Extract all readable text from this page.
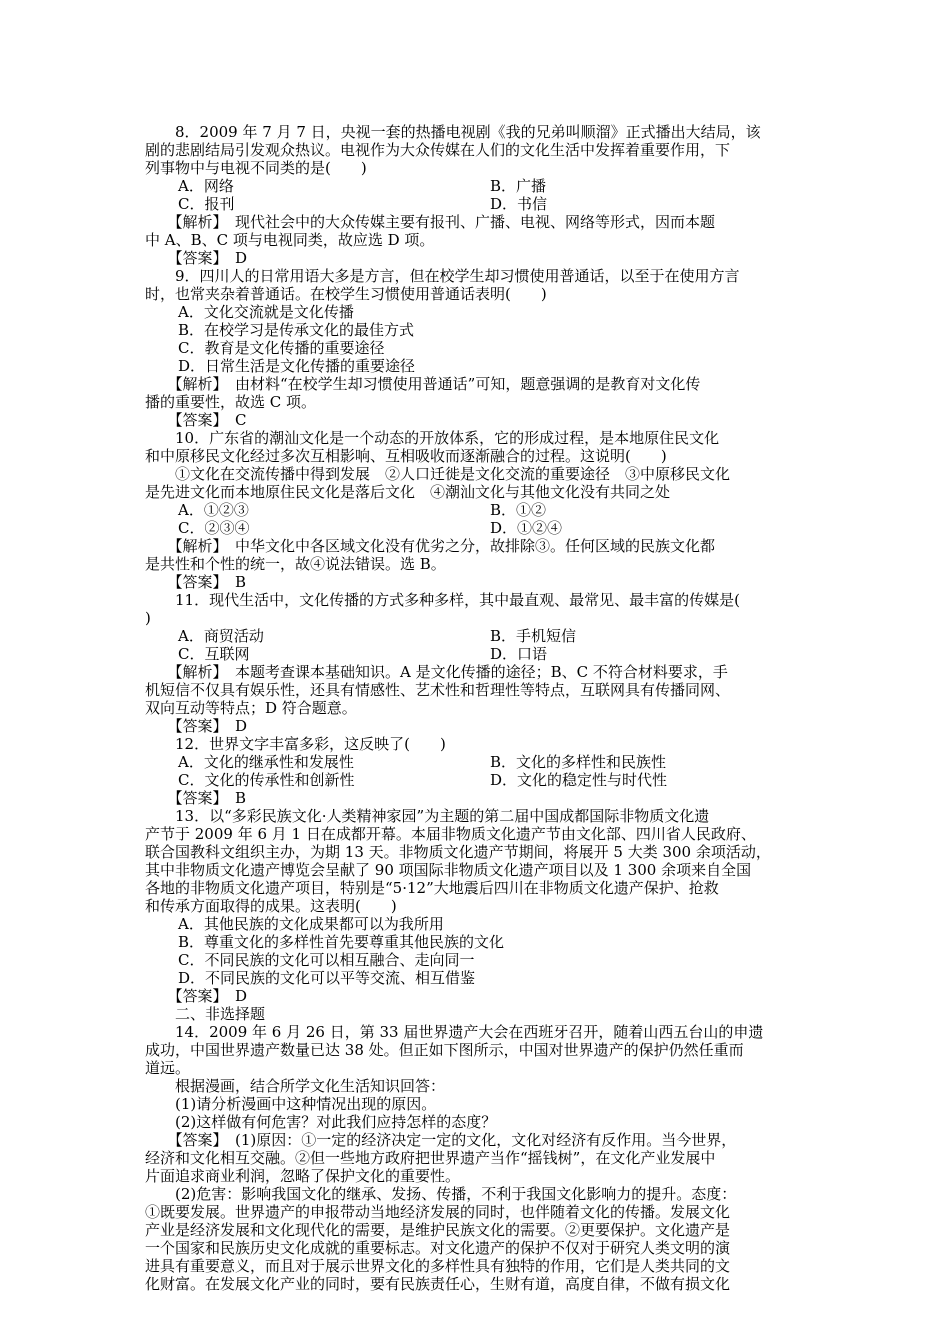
　　8．2009 年 7 月 7 日，央视一套的热播电视剧《我的兄弟叫顺溜》正式播出大结局，该
剧的悲剧结局引发观众热议。电视作为大众传媒在人们的文化生活中发挥着重要作用，下
列事物中与电视不同类的是(　　)
A．网络	B．广播
C．报刊	D．书信
　　【解析】　现代社会中的大众传媒主要有报刊、广播、电视、网络等形式，因而本题
中 A、B、C 项与电视同类，故应选 D 项。
　　【答案】　D
　　9．四川人的日常用语大多是方言，但在校学生却习惯使用普通话，以至于在使用方言
时，也常夹杂着普通话。在校学生习惯使用普通话表明(　　)
A．文化交流就是文化传播
B．在校学习是传承文化的最佳方式
C．教育是文化传播的重要途径
D．日常生活是文化传播的重要途径
　　【解析】　由材料“在校学生却习惯使用普通话”可知，题意强调的是教育对文化传
播的重要性，故选 C 项。
　　【答案】　C
　　10．广东省的潮汕文化是一个动态的开放体系，它的形成过程，是本地原住民文化
和中原移民文化经过多次互相影响、互相吸收而逐渐融合的过程。这说明(　　)
　　①文化在交流传播中得到发展　②人口迁徙是文化交流的重要途径　③中原移民文化
是先进文化而本地原住民文化是落后文化　④潮汕文化与其他文化没有共同之处
A．①②③	B．①②
C．②③④	D．①②④
　　【解析】　中华文化中各区域文化没有优劣之分，故排除③。任何区域的民族文化都
是共性和个性的统一，故④说法错误。选 B。
　　【答案】　B
　　11．现代生活中，文化传播的方式多种多样，其中最直观、最常见、最丰富的传媒是(
)
A．商贸活动	B．手机短信
C．互联网	D．口语
　　【解析】　本题考查课本基础知识。A 是文化传播的途径；B、C 不符合材料要求，手
机短信不仅具有娱乐性，还具有情感性、艺术性和哲理性等特点，互联网具有传播同网、
双向互动等特点；D 符合题意。
　　【答案】　D
　　12．世界文字丰富多彩，这反映了(　　)
A．文化的继承性和发展性	B．文化的多样性和民族性
C．文化的传承性和创新性	D．文化的稳定性与时代性
　　【答案】　B
　　13．以“多彩民族文化·人类精神家园”为主题的第二届中国成都国际非物质文化遗
产节于 2009 年 6 月 1 日在成都开幕。本届非物质文化遗产节由文化部、四川省人民政府、
联合国教科文组织主办，为期 13 天。非物质文化遗产节期间，将展开 5 大类 300 余项活动，
其中非物质文化遗产博览会呈献了 90 项国际非物质文化遗产项目以及 1 300 余项来自全国
各地的非物质文化遗产项目，特别是“5·12”大地震后四川在非物质文化遗产保护、抢救
和传承方面取得的成果。这表明(　　)
A．其他民族的文化成果都可以为我所用
B．尊重文化的多样性首先要尊重其他民族的文化
C．不同民族的文化可以相互融合、走向同一
D．不同民族的文化可以平等交流、相互借鉴
　　【答案】　D
　　二、非选择题
　　14．2009 年 6 月 26 日，第 33 届世界遗产大会在西班牙召开，随着山西五台山的申遗
成功，中国世界遗产数量已达 38 处。但正如下图所示，中国对世界遗产的保护仍然任重而
道远。
　　根据漫画，结合所学文化生活知识回答：
　　(1)请分析漫画中这种情况出现的原因。
　　(2)这样做有何危害？对此我们应持怎样的态度？
　　【答案】　(1)原因：①一定的经济决定一定的文化，文化对经济有反作用。当今世界，
经济和文化相互交融。②但一些地方政府把世界遗产当作“摇钱树”，在文化产业发展中
片面追求商业利润，忽略了保护文化的重要性。
　　(2)危害：影响我国文化的继承、发扬、传播，不利于我国文化影响力的提升。态度：
①既要发展。世界遗产的申报带动当地经济发展的同时，也伴随着文化的传播。发展文化
产业是经济发展和文化现代化的需要，是维护民族文化的需要。②更要保护。文化遗产是
一个国家和民族历史文化成就的重要标志。对文化遗产的保护不仅对于研究人类文明的演
进具有重要意义，而且对于展示世界文化的多样性具有独特的作用，它们是人类共同的文
化财富。在发展文化产业的同时，要有民族责任心，生财有道，高度自律，不做有损文化
